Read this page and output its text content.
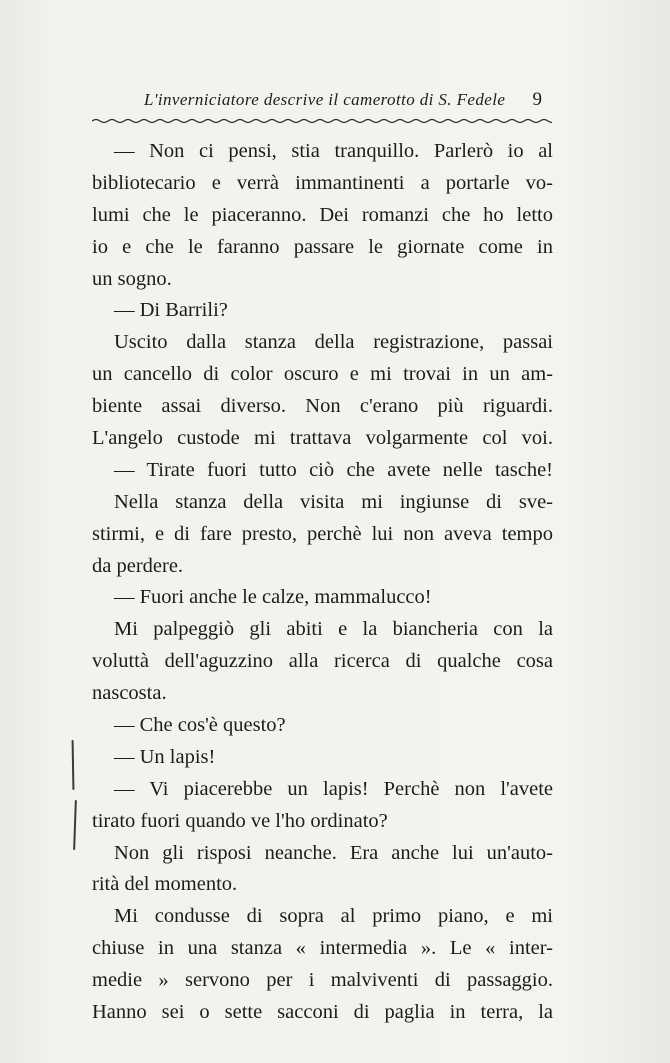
L'inverniciatore descrive il camerotto di S. Fedele 9
— Non ci pensi, stia tranquillo. Parlerò io al
bibliotecario e verrà immantinenti a portarle vo-
lumi che le piaceranno. Dei romanzi che ho letto
io e che le faranno passare le giornate come in
un sogno.
— Di Barrili?
Uscito dalla stanza della registrazione, passai
un cancello di color oscuro e mi trovai in un am-
biente assai diverso. Non c'erano più riguardi.
L'angelo custode mi trattava volgarmente col voi.
— Tirate fuori tutto ciò che avete nelle tasche!
Nella stanza della visita mi ingiunse di sve-
stirmi, e di fare presto, perchè lui non aveva tempo
da perdere.
— Fuori anche le calze, mammalucco!
Mi palpeggiò gli abiti e la biancheria con la
voluttà dell'aguzzino alla ricerca di qualche cosa
nascosta.
— Che cos'è questo?
— Un lapis!
— Vi piacerebbe un lapis! Perchè non l'avete
tirato fuori quando ve l'ho ordinato?
Non gli risposi neanche. Era anche lui un'auto-
rità del momento.
Mi condusse di sopra al primo piano, e mi
chiuse in una stanza « intermedia ». Le « inter-
medie » servono per i malviventi di passaggio.
Hanno sei o sette sacconi di paglia in terra, la
